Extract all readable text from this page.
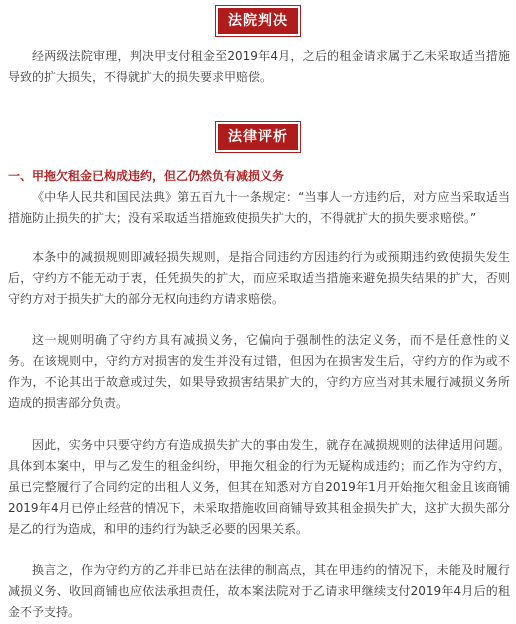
法院判决

经两级法院审理，判决甲支付租金至2019年4月，之后的租金请求属于乙未采取适当措施导致的扩大损失，不得就扩大的损失要求甲赔偿。

法律评析
一、甲拖欠租金已构成违约，但乙仍然负有减损义务

《中华人民共和国民法典》第五百九十一条规定：“当事人一方违约后，对方应当采取适当措施防止损失的扩大；没有采取适当措施致使损失扩大的，不得就扩大的损失要求赔偿。”

本条中的减损规则即减轻损失规则，是指合同违约方因违约行为或预期违约致使损失发生后，守约方不能无动于衷，任凭损失的扩大，而应采取适当措施来避免损失结果的扩大，否则守约方对于损失扩大的部分无权向违约方请求赔偿。

这一规则明确了守约方具有减损义务，它偏向于强制性的法定义务，而不是任意性的义务。在该规则中，守约方对损害的发生并没有过错，但因为在损害发生后，守约方的作为或不作为，不论其出于故意或过失，如果导致损害结果扩大的，守约方应当对其未履行减损义务所造成的损害部分负责。

因此，实务中只要守约方有造成损失扩大的事由发生，就存在减损规则的法律适用问题。具体到本案中，甲与乙发生的租金纠纷，甲拖欠租金的行为无疑构成违约；而乙作为守约方，虽已完整履行了合同约定的出租人义务，但其在知悉对方自2019年1月开始拖欠租金且该商铺2019年4月已停止经营的情况下，未采取措施收回商铺导致其租金损失扩大，这扩大损失部分是乙的行为造成，和甲的违约行为缺乏必要的因果关系。

换言之，作为守约方的乙并非已站在法律的制高点，其在甲违约的情况下，未能及时履行减损义务、收回商铺也应依法承担责任，故本案法院对于乙请求甲继续支付2019年4月后的租金不予支持。
